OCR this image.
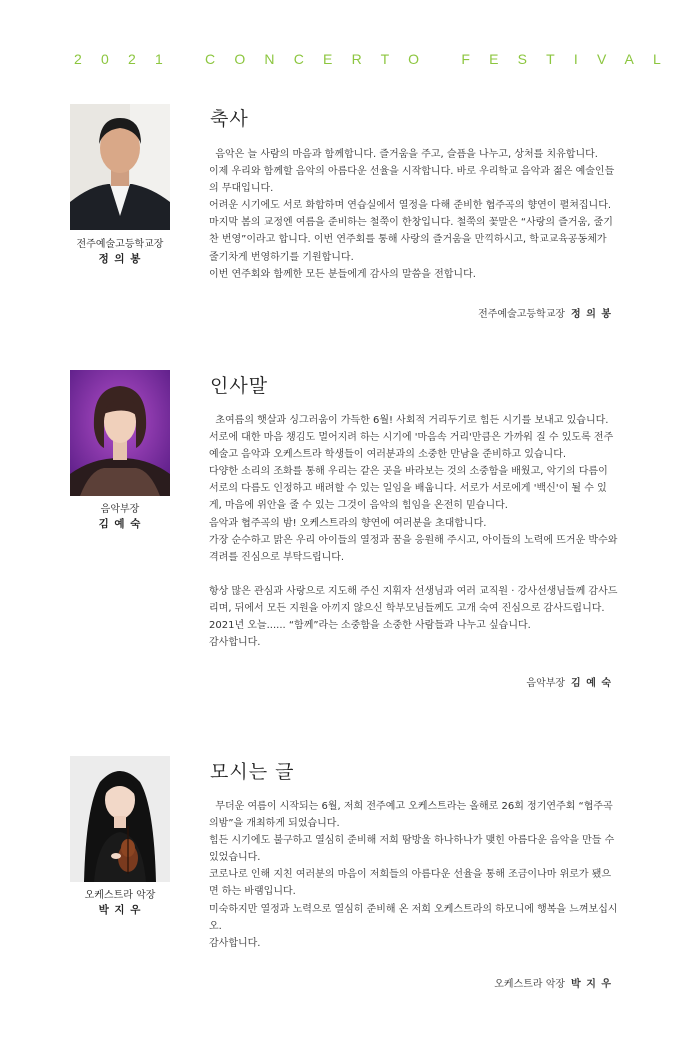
2021 CONCERTO FESTIVAL
전주예술고등학교장
정 의 봉
축사

음악은 늘 사람의 마음과 함께합니다. 즐거움을 주고, 슬픔을 나누고, 상처를 치유합니다.

이제 우리와 함께할 음악의 아름다운 선율을 시작합니다. 바로 우리학교 음악과 젊은 예술인들의 무대입니다.

어려운 시기에도 서로 화합하며 연습실에서 열정을 다해 준비한 협주곡의 향연이 펼쳐집니다. 마지막 봄의 교정엔 여름을 준비하는 철쭉이 한창입니다. 철쭉의 꽃말은 “사랑의 즐거움, 줄기찬 번영”이라고 합니다. 이번 연주회를 통해 사랑의 즐거움을 만끽하시고, 학교교육공동체가 줄기차게 번영하기를 기원합니다.

이번 연주회와 함께한 모든 분들에게 감사의 말씀을 전합니다.

전주예술고등학교장 정 의 봉
음악부장
김 예 숙
인사말

초여름의 햇살과 싱그러움이 가득한 6월! 사회적 거리두기로 힘든 시기를 보내고 있습니다. 서로에 대한 마음 챙김도 멀어지려 하는 시기에 '마음속 거리'만큼은 가까워 질 수 있도록 전주예술고 음악과 오케스트라 학생들이 여러분과의 소중한 만남을 준비하고 있습니다.

다양한 소리의 조화를 통해 우리는 같은 곳을 바라보는 것의 소중함을 배웠고, 악기의 다름이 서로의 다름도 인정하고 배려할 수 있는 일임을 배웁니다. 서로가 서로에게 '백신'이 될 수 있게, 마음에 위안을 줄 수 있는 그것이 음악의 힘임을 온전히 믿습니다.

음악과 협주곡의 밤! 오케스트라의 향연에 여러분을 초대합니다.

가장 순수하고 맑은 우리 아이들의 열정과 꿈을 응원해 주시고, 아이들의 노력에 뜨거운 박수와 격려를 진심으로 부탁드립니다.

항상 많은 관심과 사랑으로 지도해 주신 지휘자 선생님과 여러 교직원 · 강사선생님들께 감사드리며, 뒤에서 모든 지원을 아끼지 않으신 학부모님들께도 고개 숙여 진심으로 감사드립니다.

2021년 오늘...... “함께”라는 소중함을 소중한 사람들과 나누고 싶습니다.

감사합니다.

음악부장 김 예 숙
오케스트라 악장
박 지 우
모시는 글

무더운 여름이 시작되는 6월, 저희 전주예고 오케스트라는 올해로 26회 정기연주회 “협주곡의밤”을 개최하게 되었습니다.

힘든 시기에도 불구하고 열심히 준비해 저희 땀방울 하나하나가 맺힌 아름다운 음악을 만들 수 있었습니다.

코로나로 인해 지친 여러분의 마음이 저희들의 아름다운 선율을 통해 조금이나마 위로가 됐으면 하는 바램입니다.

미숙하지만 열정과 노력으로 열심히 준비해 온 저희 오케스트라의 하모니에 행복을 느껴보십시오.

감사합니다.

오케스트라 악장 박 지 우
